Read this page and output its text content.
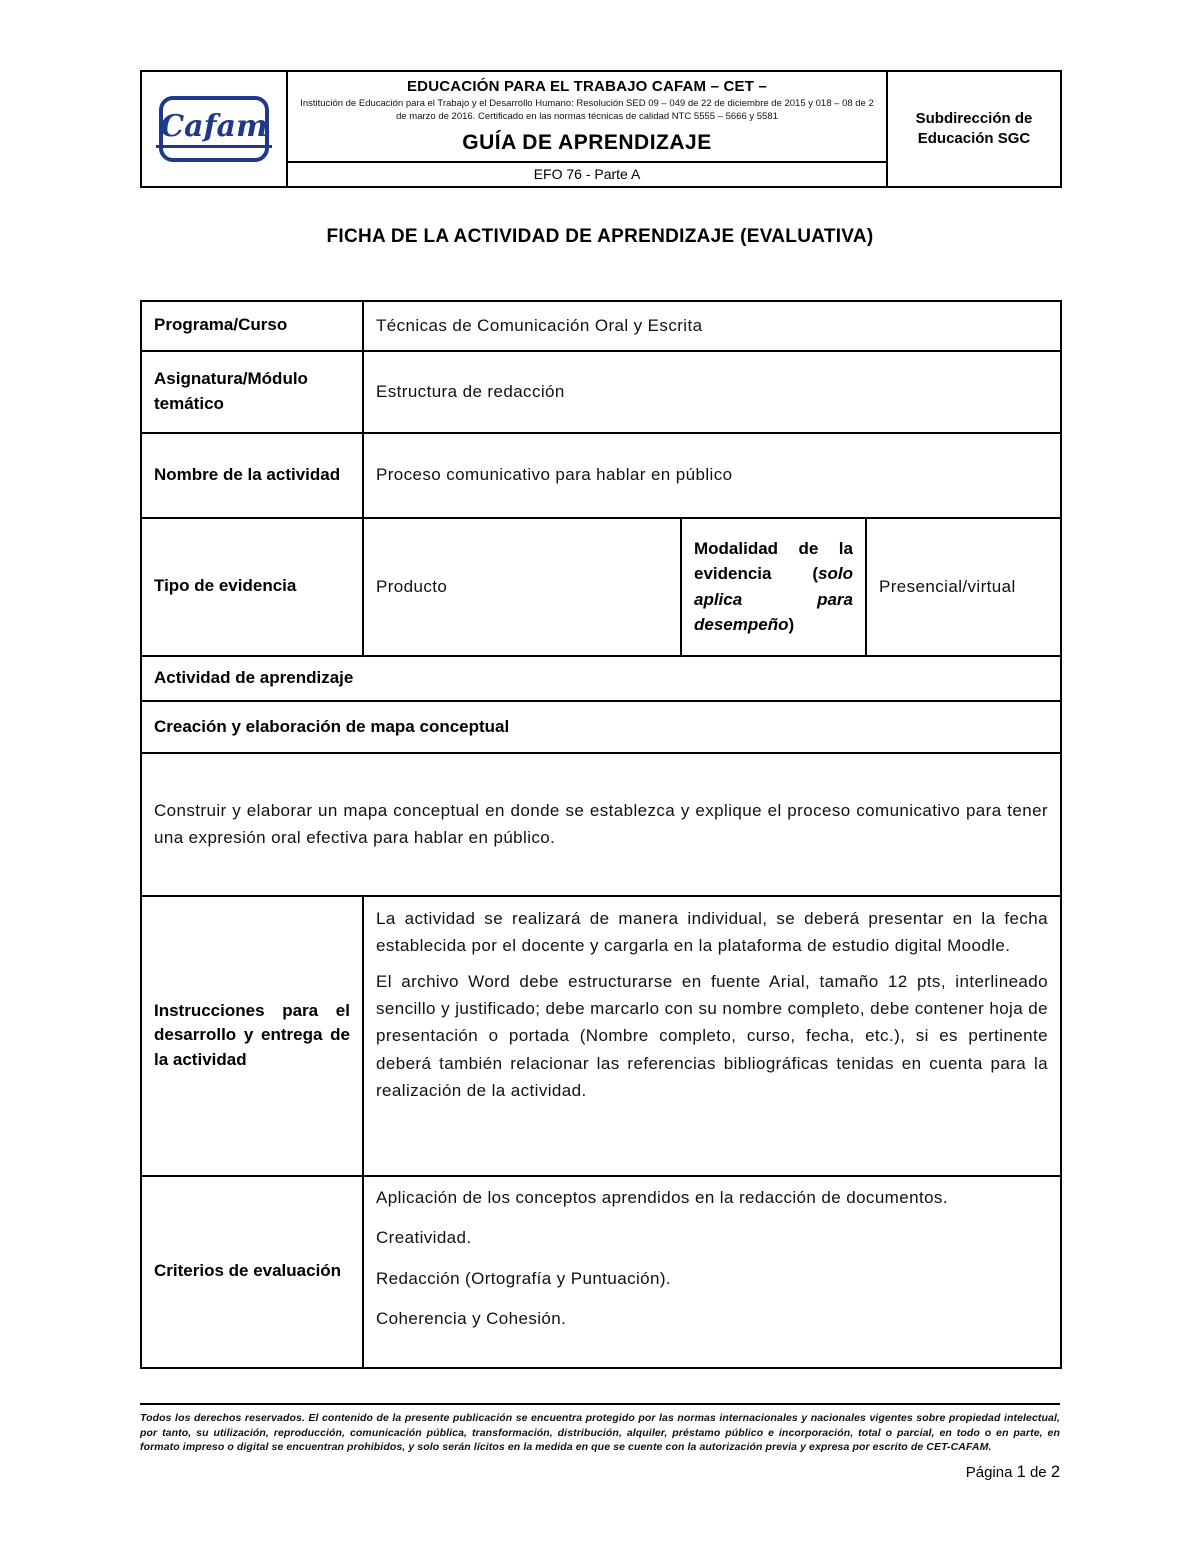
Cafam

EDUCACIÓN PARA EL TRABAJO CAFAM – CET –
Institución de Educación para el Trabajo y el Desarrollo Humano: Resolución SED 09 – 049 de 22 de diciembre de 2015 y 018 – 08 de 2 de marzo de 2016. Certificado en las normas técnicas de calidad NTC 5555 – 5666 y 5581
GUÍA DE APRENDIZAJE

Subdirección de Educación SGC

EFO 76 - Parte A
FICHA DE LA ACTIVIDAD DE APRENDIZAJE (EVALUATIVA)
Programa/Curso	Técnicas de Comunicación Oral y Escrita		
Asignatura/Módulo temático	Estructura de redacción		
Nombre de la actividad	Proceso comunicativo para hablar en público		
Tipo de evidencia	Producto	Modalidad de la evidencia (solo aplica para desempeño)	Presencial/virtual
Actividad de aprendizaje			
Creación y elaboración de mapa conceptual			
Construir y elaborar un mapa conceptual en donde se establezca y explique el proceso comunicativo para tener una expresión oral efectiva para hablar en público.			
Instrucciones para el desarrollo y entrega de la actividad	La actividad se realizará de manera individual, se deberá presentar en la fecha establecida por el docente y cargarla en la plataforma de estudio digital Moodle.

El archivo Word debe estructurarse en fuente Arial, tamaño 12 pts, interlineado sencillo y justificado; debe marcarlo con su nombre completo, debe contener hoja de presentación o portada (Nombre completo, curso, fecha, etc.), si es pertinente deberá también relacionar las referencias bibliográficas tenidas en cuenta para la realización de la actividad.		

Criterios de evaluación	Aplicación de los conceptos aprendidos en la redacción de documentos.

Creatividad.

Redacción (Ortografía y Puntuación).

Coherencia y Cohesión.		

Todos los derechos reservados. El contenido de la presente publicación se encuentra protegido por las normas internacionales y nacionales vigentes sobre propiedad intelectual, por tanto, su utilización, reproducción, comunicación pública, transformación, distribución, alquiler, préstamo público e incorporación, total o parcial, en todo o en parte, en formato impreso o digital se encuentran prohibidos, y solo serán lícitos en la medida en que se cuente con la autorización previa y expresa por escrito de CET-CAFAM.
Página 1 de 2
